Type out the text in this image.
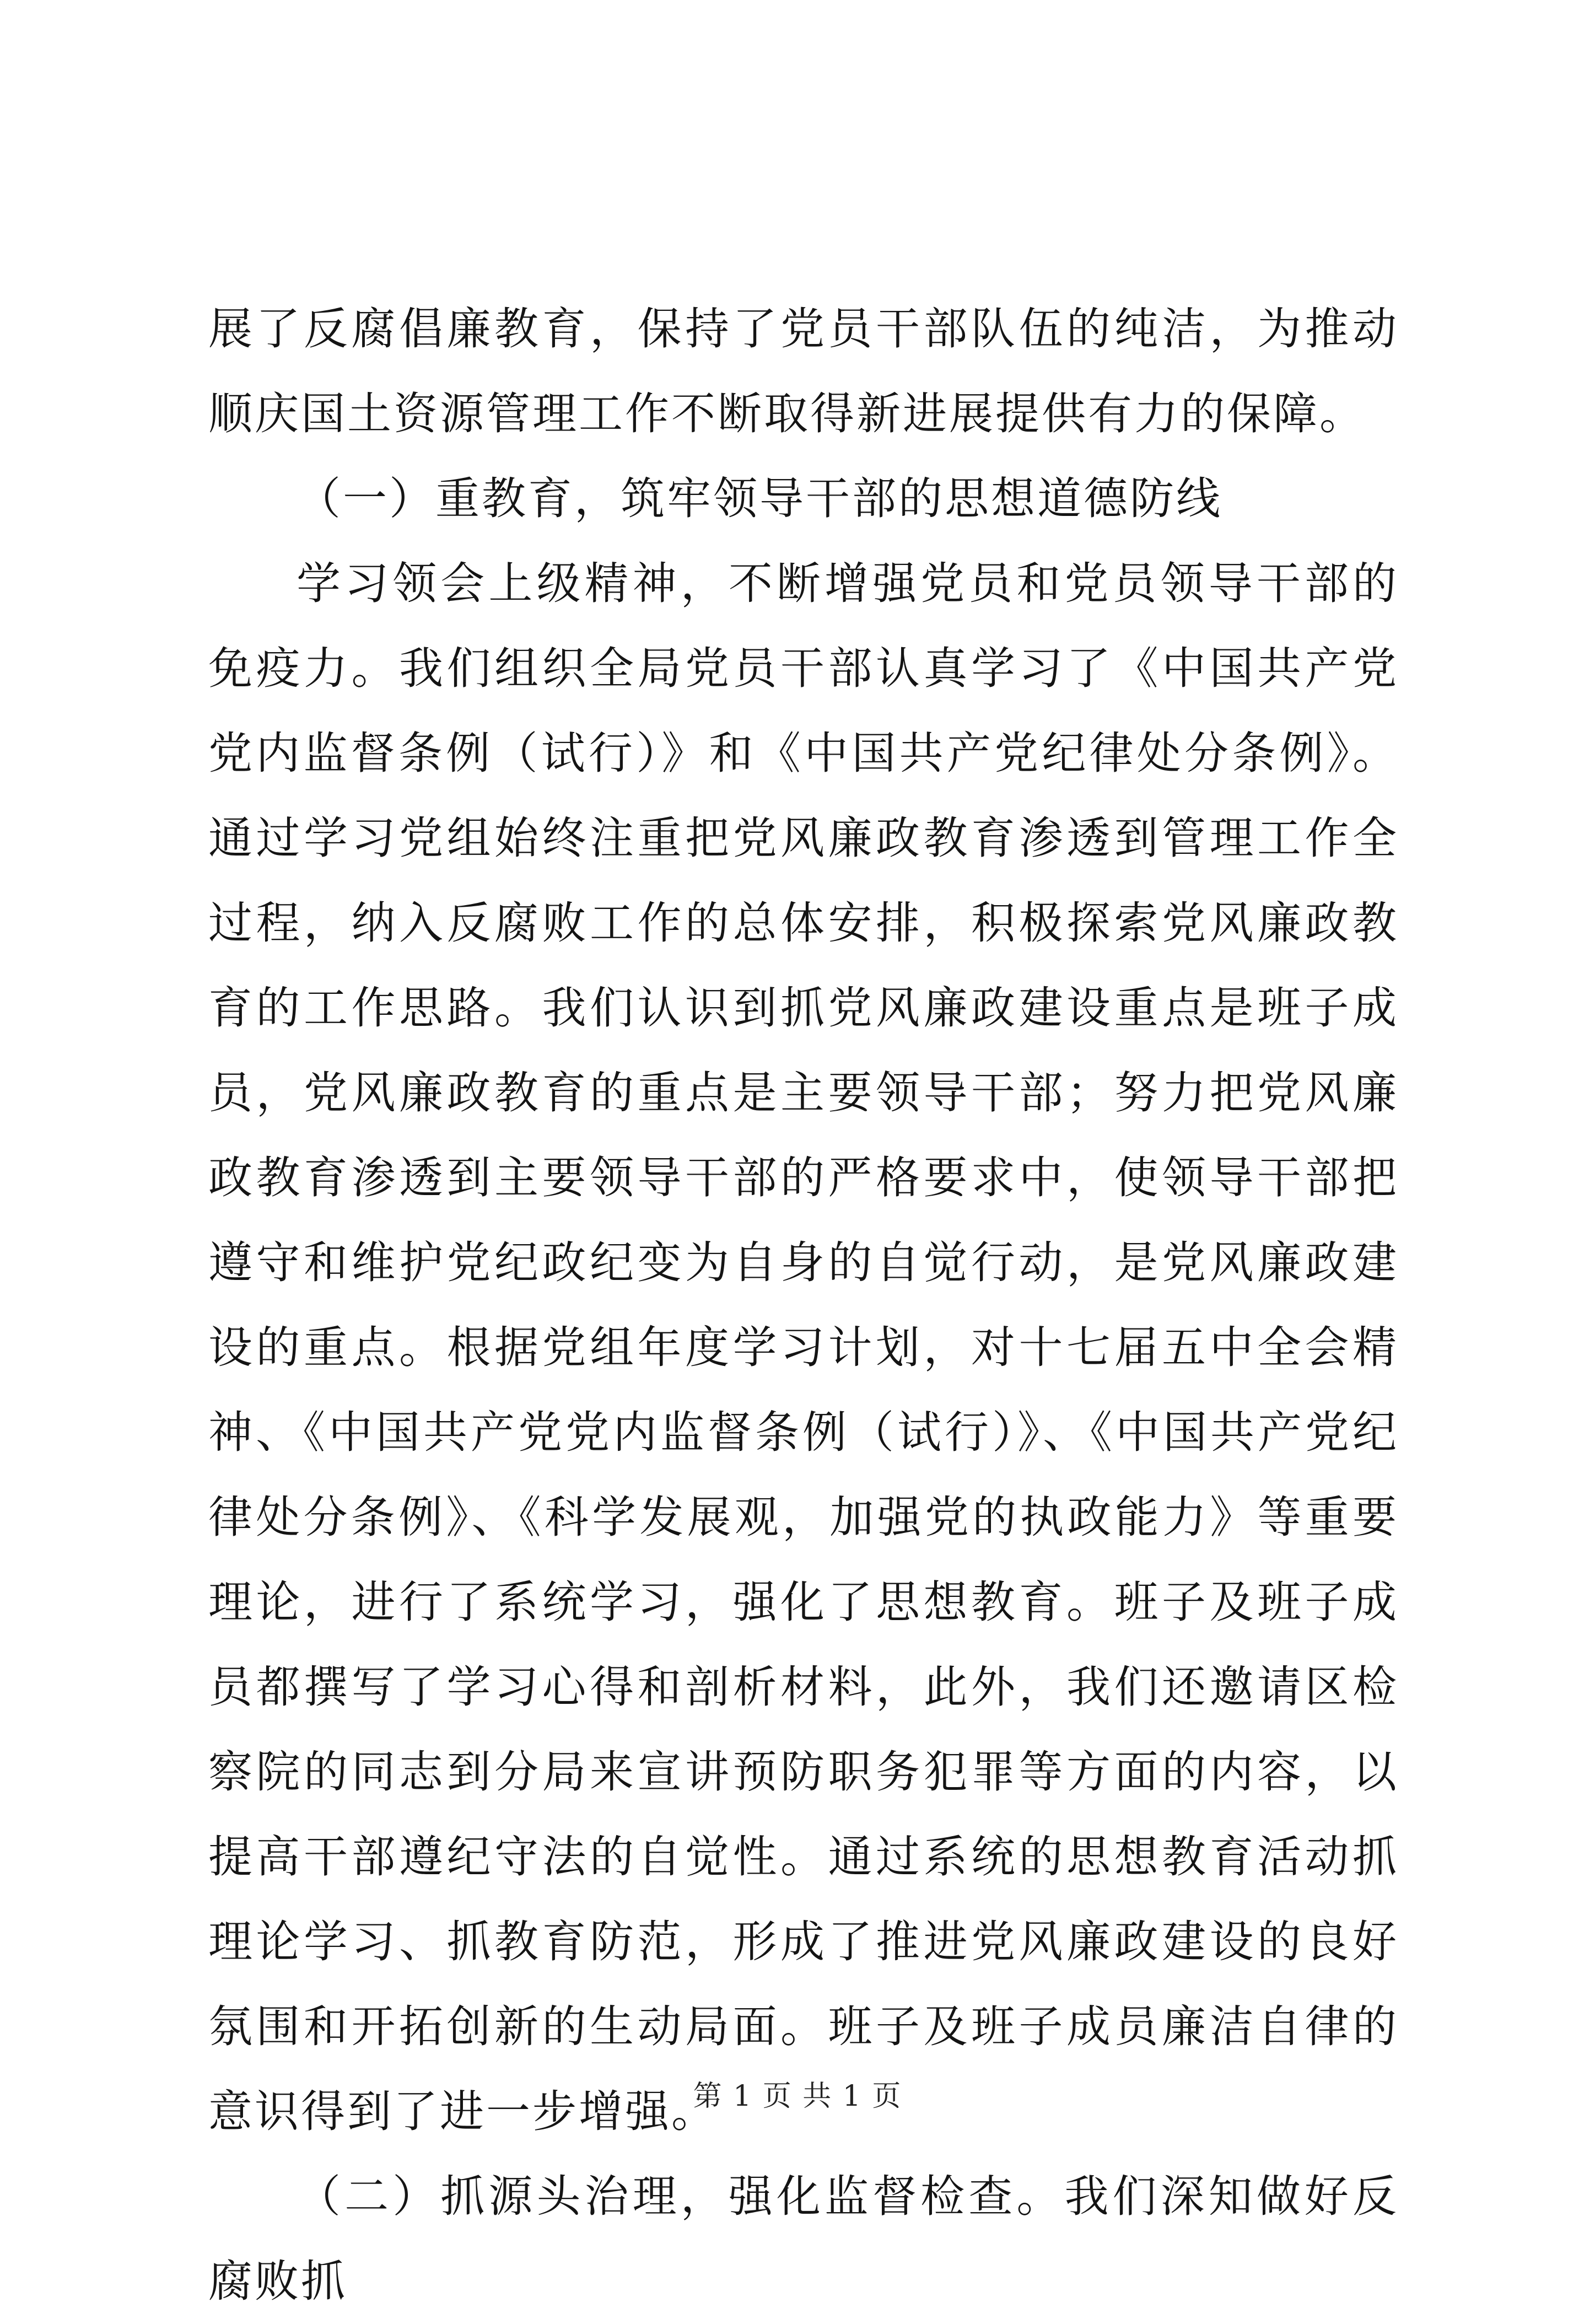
展了反腐倡廉教育，保持了党员干部队伍的纯洁，为推动顺庆国土资源管理工作不断取得新进展提供有力的保障。

（一）重教育，筑牢领导干部的思想道德防线

学习领会上级精神，不断增强党员和党员领导干部的免疫力。我们组织全局党员干部认真学习了《中国共产党党内监督条例（试行）》和《中国共产党纪律处分条例》。通过学习党组始终注重把党风廉政教育渗透到管理工作全过程，纳入反腐败工作的总体安排，积极探索党风廉政教育的工作思路。我们认识到抓党风廉政建设重点是班子成员，党风廉政教育的重点是主要领导干部；努力把党风廉政教育渗透到主要领导干部的严格要求中，使领导干部把遵守和维护党纪政纪变为自身的自觉行动，是党风廉政建设的重点。根据党组年度学习计划，对十七届五中全会精神、《中国共产党党内监督条例（试行）》、《中国共产党纪律处分条例》、《科学发展观，加强党的执政能力》等重要理论，进行了系统学习，强化了思想教育。班子及班子成员都撰写了学习心得和剖析材料，此外，我们还邀请区检察院的同志到分局来宣讲预防职务犯罪等方面的内容，以提高干部遵纪守法的自觉性。通过系统的思想教育活动抓理论学习、抓教育防范，形成了推进党风廉政建设的良好氛围和开拓创新的生动局面。班子及班子成员廉洁自律的意识得到了进一步增强。

（二）抓源头治理，强化监督检查。我们深知做好反腐败抓

第 1 页 共 1 页
